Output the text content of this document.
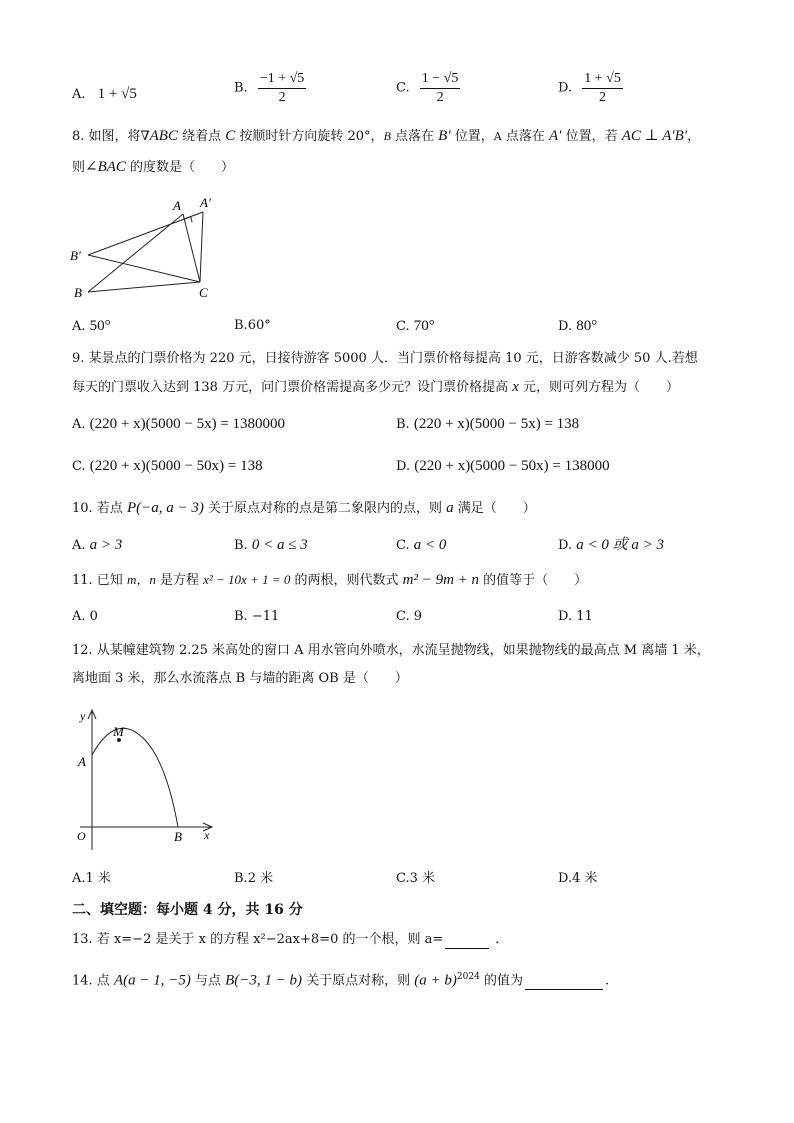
A. 1 + √5	B. $\frac{-1 + √5}{2}$	C. $\frac{1 - √5}{2}$	D. $\frac{1 + √5}{2}$
8. 如图，将∇ABC 绕着点 C 按顺时针方向旋转 20°，B 点落在 B′ 位置，A 点落在 A′ 位置，若 AC ⊥ A′B′，
则∠BAC 的度数是（　　）
A A′
B′
B	C
A. 50°	B.60°	C. 70°	D. 80°
9. 某景点的门票价格为 220 元，日接待游客 5000 人．当门票价格每提高 10 元，日游客数减少 50 人.若想
每天的门票收入达到 138 万元，问门票价格需提高多少元？设门票价格提高 x 元，则可列方程为（　　）
A. (220 + x)(5000 − 5x) = 1380000	B. (220 + x)(5000 − 5x) = 138
C. (220 + x)(5000 − 50x) = 138	D. (220 + x)(5000 − 50x) = 138000
10. 若点 P(−a, a − 3) 关于原点对称的点是第二象限内的点，则 a 满足（　　）
A. a > 3	B. 0 < a ≤ 3	C. a < 0	D. a < 0 或 a > 3
11. 已知 m，n 是方程 x² − 10x + 1 = 0 的两根，则代数式 m² − 9m + n 的值等于（　　）
A. 0	B. −11	C. 9	D. 11
12. 从某幢建筑物 2.25 米高处的窗口 A 用水管向外喷水，水流呈抛物线，如果抛物线的最高点 M 离墙 1 米，
离地面 3 米，那么水流落点 B 与墙的距离 OB 是（　　）
y
M
A
O	B x
A.1 米	B.2 米	C.3 米	D.4 米
二、填空题：每小题 4 分，共 16 分
13. 若 x=−2 是关于 x 的方程 x²−2ax+8=0 的一个根，则 a=	．
14. 点 A(a − 1, −5) 与点 B(−3, 1 − b) 关于原点对称，则 $(a + b)^{2024}$ 的值为	.
